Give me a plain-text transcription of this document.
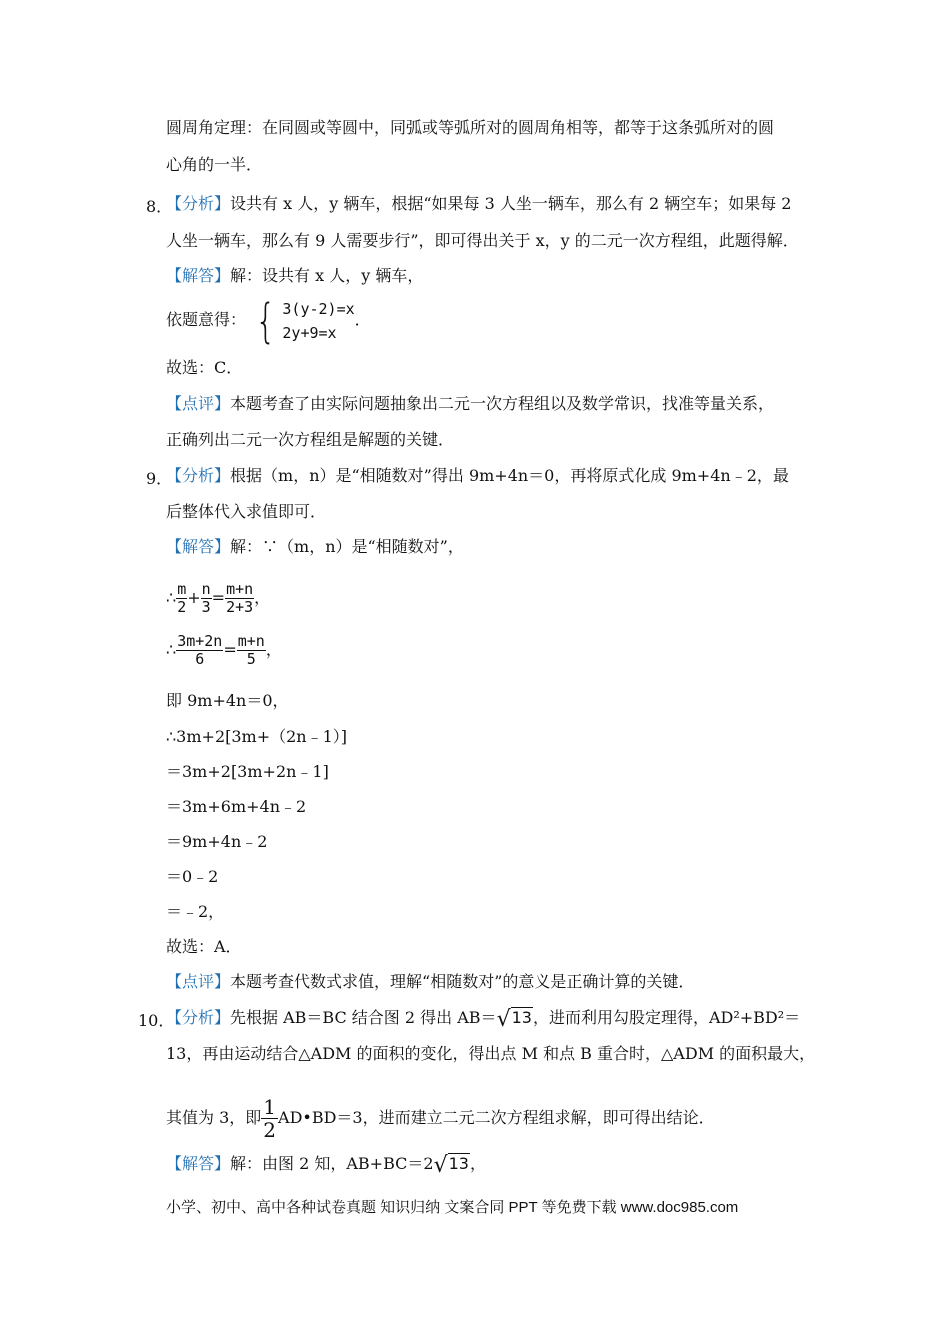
圆周角定理：在同圆或等圆中，同弧或等弧所对的圆周角相等，都等于这条弧所对的圆
心角的一半．
8．
【分析】设共有 x 人，y 辆车，根据“如果每 3 人坐一辆车，那么有 2 辆空车；如果每 2
人坐一辆车，那么有 9 人需要步行”，即可得出关于 x，y 的二元一次方程组，此题得解．
【解答】解：设共有 x 人，y 辆车，
依题意得： { 3(y-2)=x
2y+9=x
．
故选：C．
【点评】本题考查了由实际问题抽象出二元一次方程组以及数学常识，找准等量关系，
正确列出二元一次方程组是解题的关键．
9．
【分析】根据（m，n）是“相随数对”得出 9m+4n＝0，再将原式化成 9m+4n﹣2，最
后整体代入求值即可．
【解答】解：∵（m，n）是“相随数对”，
∴ $\frac{m}{2} + \frac{n}{3} = \frac{m+n}{2+3}$ ，
∴ $\frac{3m+2n}{6} = \frac{m+n}{5}$ ，
即 9m+4n＝0，
∴3m+2[3m+（2n﹣1）]
＝3m+2[3m+2n﹣1]
＝3m+6m+4n﹣2
＝9m+4n﹣2
＝0﹣2
＝﹣2，
故选：A．
【点评】本题考查代数式求值，理解“相随数对”的意义是正确计算的关键．
10．
【分析】先根据 AB＝BC 结合图 2 得出 AB＝√13，进而利用勾股定理得，AD²+BD²＝
13，再由运动结合△ADM 的面积的变化，得出点 M 和点 B 重合时，△ADM 的面积最大，
其值为 3，即 $\frac{1}{2}$ AD•BD＝3，进而建立二元二次方程组求解，即可得出结论．
【解答】解：由图 2 知，AB+BC＝2√13，
小学、初中、高中各种试卷真题 知识归纳 文案合同 PPT 等免费下载 www.doc985.com
